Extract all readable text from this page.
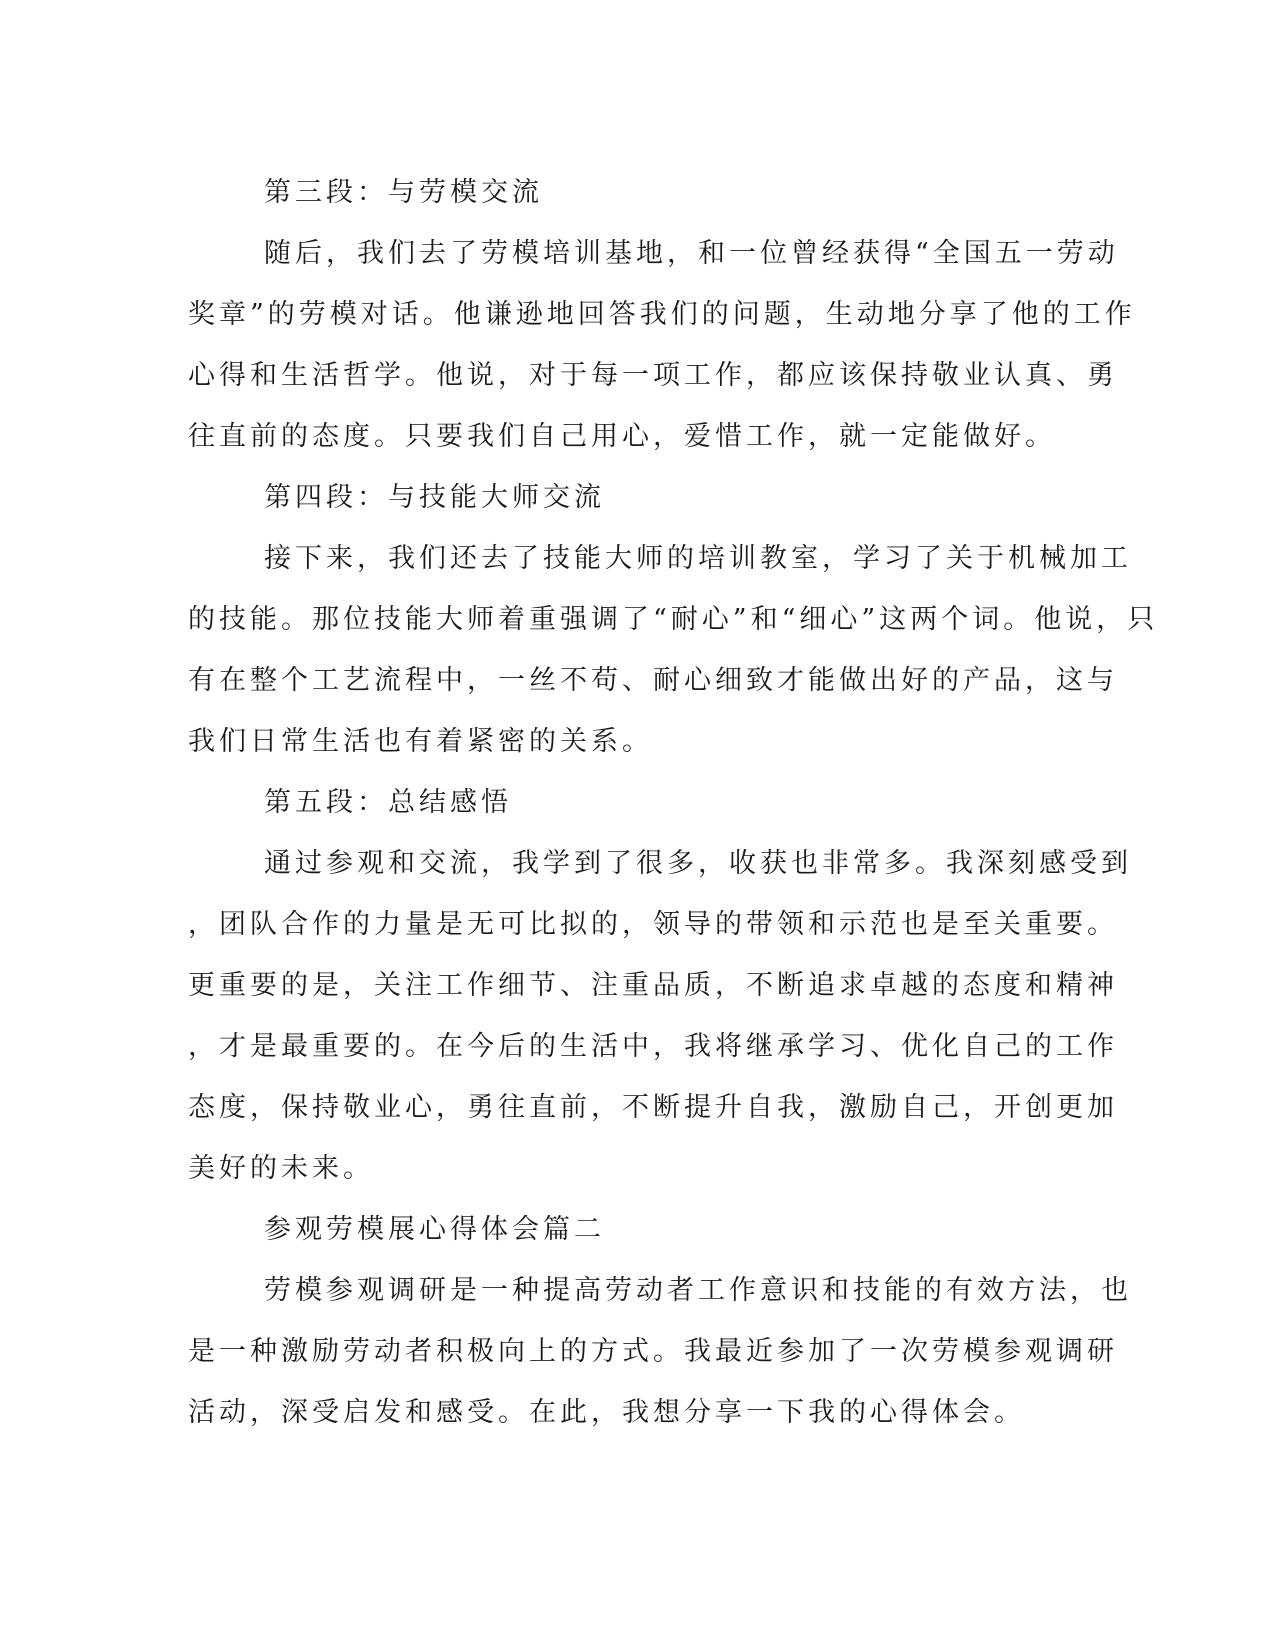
第三段：与劳模交流
随后，我们去了劳模培训基地，和一位曾经获得“全国五一劳动
奖章”的劳模对话。他谦逊地回答我们的问题，生动地分享了他的工作
心得和生活哲学。他说，对于每一项工作，都应该保持敬业认真、勇
往直前的态度。只要我们自己用心，爱惜工作，就一定能做好。
第四段：与技能大师交流
接下来，我们还去了技能大师的培训教室，学习了关于机械加工
的技能。那位技能大师着重强调了“耐心”和“细心”这两个词。他说，只
有在整个工艺流程中，一丝不苟、耐心细致才能做出好的产品，这与
我们日常生活也有着紧密的关系。
第五段：总结感悟
通过参观和交流，我学到了很多，收获也非常多。我深刻感受到
，团队合作的力量是无可比拟的，领导的带领和示范也是至关重要。
更重要的是，关注工作细节、注重品质，不断追求卓越的态度和精神
，才是最重要的。在今后的生活中，我将继承学习、优化自己的工作
态度，保持敬业心，勇往直前，不断提升自我，激励自己，开创更加
美好的未来。
参观劳模展心得体会篇二
劳模参观调研是一种提高劳动者工作意识和技能的有效方法，也
是一种激励劳动者积极向上的方式。我最近参加了一次劳模参观调研
活动，深受启发和感受。在此，我想分享一下我的心得体会。
